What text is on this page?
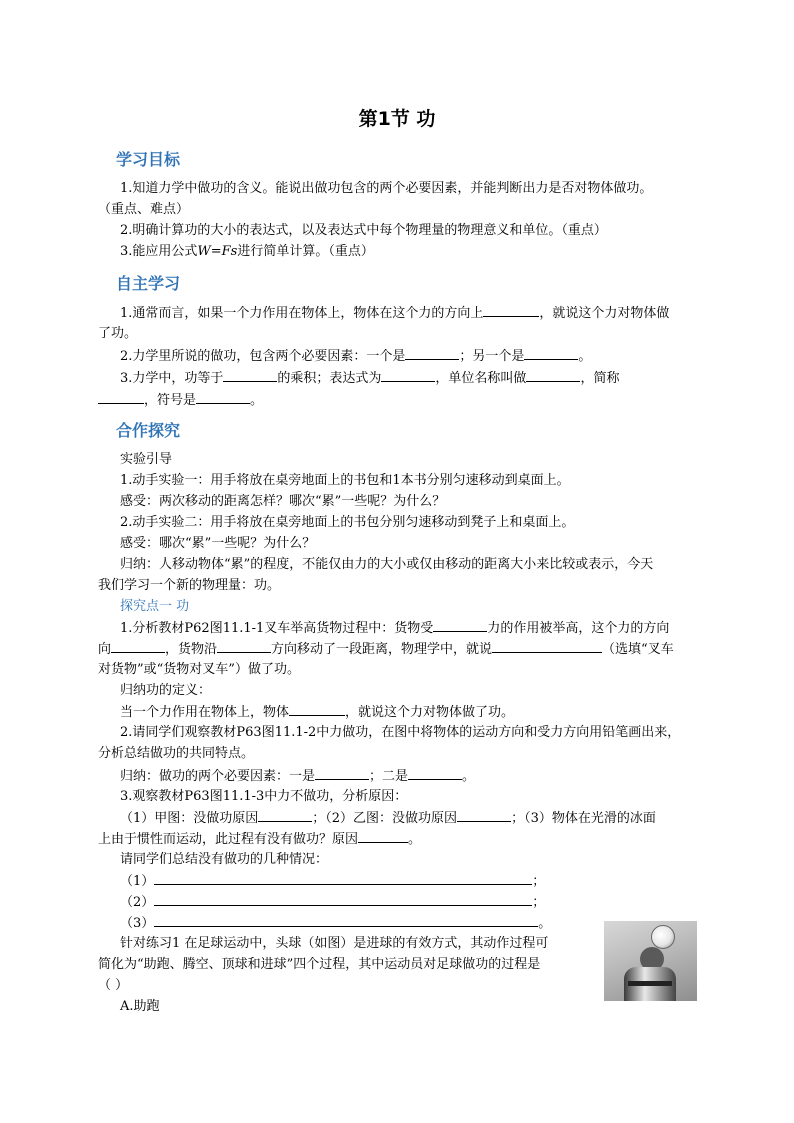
第1节 功
学习目标
1.知道力学中做功的含义。能说出做功包含的两个必要因素，并能判断出力是否对物体做功。
（重点、难点）
2.明确计算功的大小的表达式，以及表达式中每个物理量的物理意义和单位。（重点）
3.能应用公式W=Fs进行简单计算。（重点）
自主学习
1.通常而言，如果一个力作用在物体上，物体在这个力的方向上	，就说这个力对物体做
了功。
2.力学里所说的做功，包含两个必要因素：一个是	；另一个是	。
3.力学中，功等于	的乘积；表达式为	，单位名称叫做	，简称
，符号是	。
合作探究
实验引导
1.动手实验一：用手将放在桌旁地面上的书包和1本书分别匀速移动到桌面上。
感受：两次移动的距离怎样？哪次“累”一些呢？为什么？
2.动手实验二：用手将放在桌旁地面上的书包分别匀速移动到凳子上和桌面上。
感受：哪次“累”一些呢？为什么？
归纳：人移动物体“累”的程度，不能仅由力的大小或仅由移动的距离大小来比较或表示，今天
我们学习一个新的物理量：功。
探究点一 功
1.分析教材P62图11.1-1叉车举高货物过程中：货物受	力的作用被举高，这个力的方向
向	，货物沿	方向移动了一段距离，物理学中，就说	（选填“叉车
对货物”或“货物对叉车”）做了功。
归纳功的定义：
当一个力作用在物体上，物体	，就说这个力对物体做了功。
2.请同学们观察教材P63图11.1-2中力做功，在图中将物体的运动方向和受力方向用铅笔画出来，
分析总结做功的共同特点。
归纳：做功的两个必要因素：一是	；二是	。
3.观察教材P63图11.1-3中力不做功，分析原因：
（1）甲图：没做功原因	；（2）乙图：没做功原因	；（3）物体在光滑的冰面
上由于惯性而运动，此过程有没有做功？原因	。
请同学们总结没有做功的几种情况：
（1）	；
（2）	；
（3）	。
针对练习1 在足球运动中，头球（如图）是进球的有效方式，其动作过程可
简化为“助跑、腾空、顶球和进球”四个过程，其中运动员对足球做功的过程是
（ ）
A.助跑
